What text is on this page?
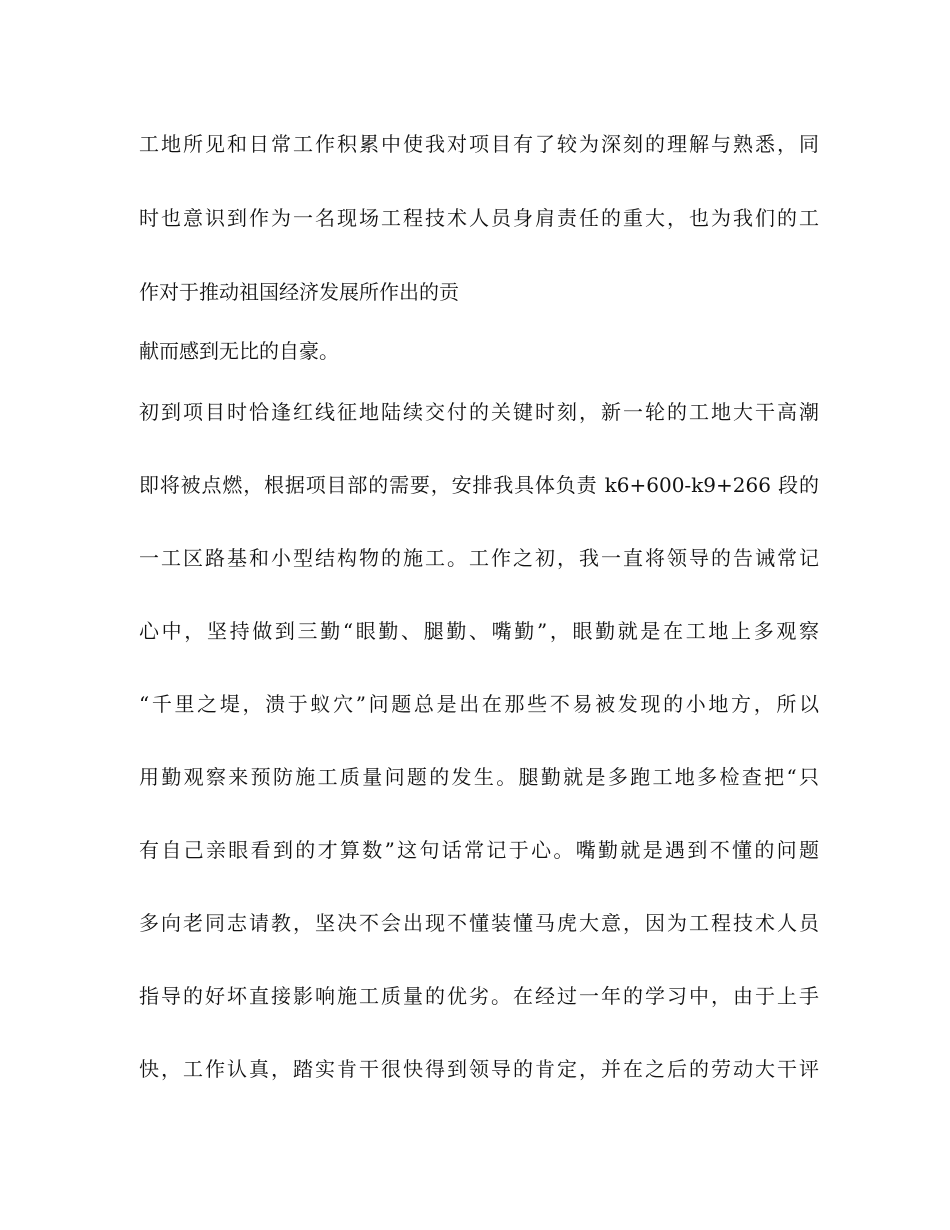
工地所见和日常工作积累中使我对项目有了较为深刻的理解与熟悉，同
时也意识到作为一名现场工程技术人员身肩责任的重大，也为我们的工
作对于推动祖国经济发展所作出的贡
献而感到无比的自豪。
初到项目时恰逢红线征地陆续交付的关键时刻，新一轮的工地大干高潮
即将被点燃，根据项目部的需要，安排我具体负责 k6+600-k9+266 段的
一工区路基和小型结构物的施工。工作之初，我一直将领导的告诫常记
心中，坚持做到三勤“眼勤、腿勤、嘴勤”，眼勤就是在工地上多观察
“千里之堤，溃于蚁穴”问题总是出在那些不易被发现的小地方，所以
用勤观察来预防施工质量问题的发生。腿勤就是多跑工地多检查把“只
有自己亲眼看到的才算数”这句话常记于心。嘴勤就是遇到不懂的问题
多向老同志请教，坚决不会出现不懂装懂马虎大意，因为工程技术人员
指导的好坏直接影响施工质量的优劣。在经过一年的学习中，由于上手
快，工作认真，踏实肯干很快得到领导的肯定，并在之后的劳动大干评
